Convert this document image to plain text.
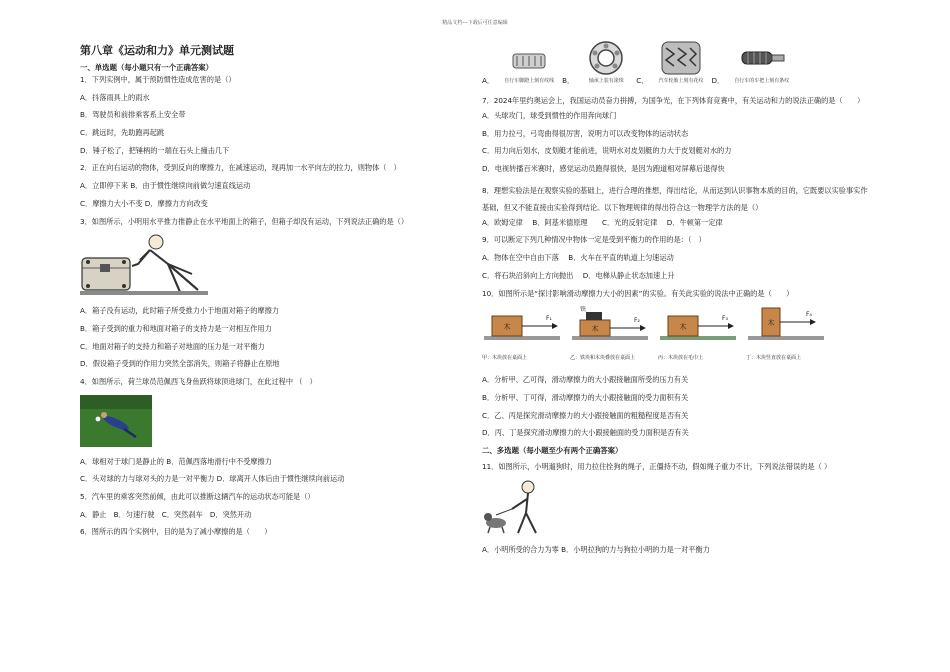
精品文档---下载后可任意编辑
第八章《运动和力》单元测试题
一、单选题（每小题只有一个正确答案）
1．下列实例中，属于预防惯性造成危害的是（）
A．抖落雨具上的雨水
B．驾驶员和前排乘客系上安全带
C．跳远时，先助跑再起跳
D．锤子松了，把锤柄的一端在石头上撞击几下
2．正在向右运动的物体，受到反向的摩擦力，在减速运动，现再加一水平向左的拉力，则物体（　）
A．立即停下来 B．由于惯性继续向前做匀速直线运动
C．摩擦力大小不变 D．摩擦力方向改变
3．如图所示，小明用水平推力推静止在水平地面上的箱子，但箱子却没有运动，下列说法正确的是（）
A．箱子没有运动，此时箱子所受推力小于地面对箱子的摩擦力
B．箱子受到的重力和地面对箱子的支持力是一对相互作用力
C．地面对箱子的支持力和箱子对地面的压力是一对平衡力
D．假设箱子受到的作用力突然全部消失，则箱子将静止在原地
4．如图所示，荷兰球员范佩西飞身鱼跃将球顶进球门，在此过程中 （　）
A．球相对于球门是静止的 B．范佩西落地滑行中不受摩擦力
C．头对球的力与球对头的力是一对平衡力 D．球离开人体后由于惯性继续向前运动
5．汽车里的乘客突然前倾，由此可以推断这辆汽车的运动状态可能是（）
A．静止　B．匀速行驶　C．突然刹车　D．突然开动
6．图所示的四个实例中，目的是为了减小摩擦的是（　　）
A． 自行车脚蹬上刻有纹线 B．	轴承上装有滚珠 C． 汽车轮胎上刻有花纹 D． 自行车的车把上刻有条纹
7．2024年里约奥运会上，我国运动员奋力拼搏，为国争光，在下列体育竞赛中，有关运动和力的说法正确的是（　　）
A．头球攻门，球受到惯性的作用奔向球门
B．用力拉弓，弓弯曲得很厉害，说明力可以改变物体的运动状态
C．用力向后划水，皮划艇才能前进，说明水对皮划艇的力大于皮划艇对水的力
D．电视转播百米赛时，感觉运动员跑得很快，是因为跑道相对屏幕后退得快
8．理想实验法是在观察实验的基础上，进行合理的推想，得出结论，从而达到认识事物本质的目的，它既要以实验事实作基础，但又不能直接由实验得到结论。以下物理规律的得出符合这一物理学方法的是（）
A．欧姆定律　 B．阿基米德原理　　C．光的反射定律　 D．牛顿第一定律
9．可以断定下列几种情况中物体一定是受到平衡力的作用的是：（　）
A．物体在空中自由下落　 B．火车在平直的轨道上匀速运动
C．将石块沿斜向上方向抛出　 D．电梯从静止状态加速上升
10．如图所示是“探讨影响滑动摩擦力大小的因素”的实验。有关此实验的说法中正确的是（　　）
木
F₁
甲：木块放在桌面上
铁
木
F₂
乙：铁块和木块叠放在桌面上
木
F₃
丙：木块放在毛巾上
木
F₄
丁：木块竖直放在桌面上
A．分析甲、乙可得，滑动摩擦力的大小跟接触面所受的压力有关
B．分析甲、丁可得，滑动摩擦力的大小跟接触面的受力面积有关
C．乙、丙是探究滑动摩擦力的大小跟接触面的粗糙程度是否有关
D．丙、丁是探究滑动摩擦力的大小跟接触面的受力面积是否有关
二、多选题（每小题至少有两个正确答案）
11．如图所示，小明遛狗时，用力拉住拴狗的绳子，正僵持不动，假如绳子重力不计，下列说法错误的是（ ）
A．小明所受的合力为零 B．小明拉狗的力与狗拉小明的力是一对平衡力
